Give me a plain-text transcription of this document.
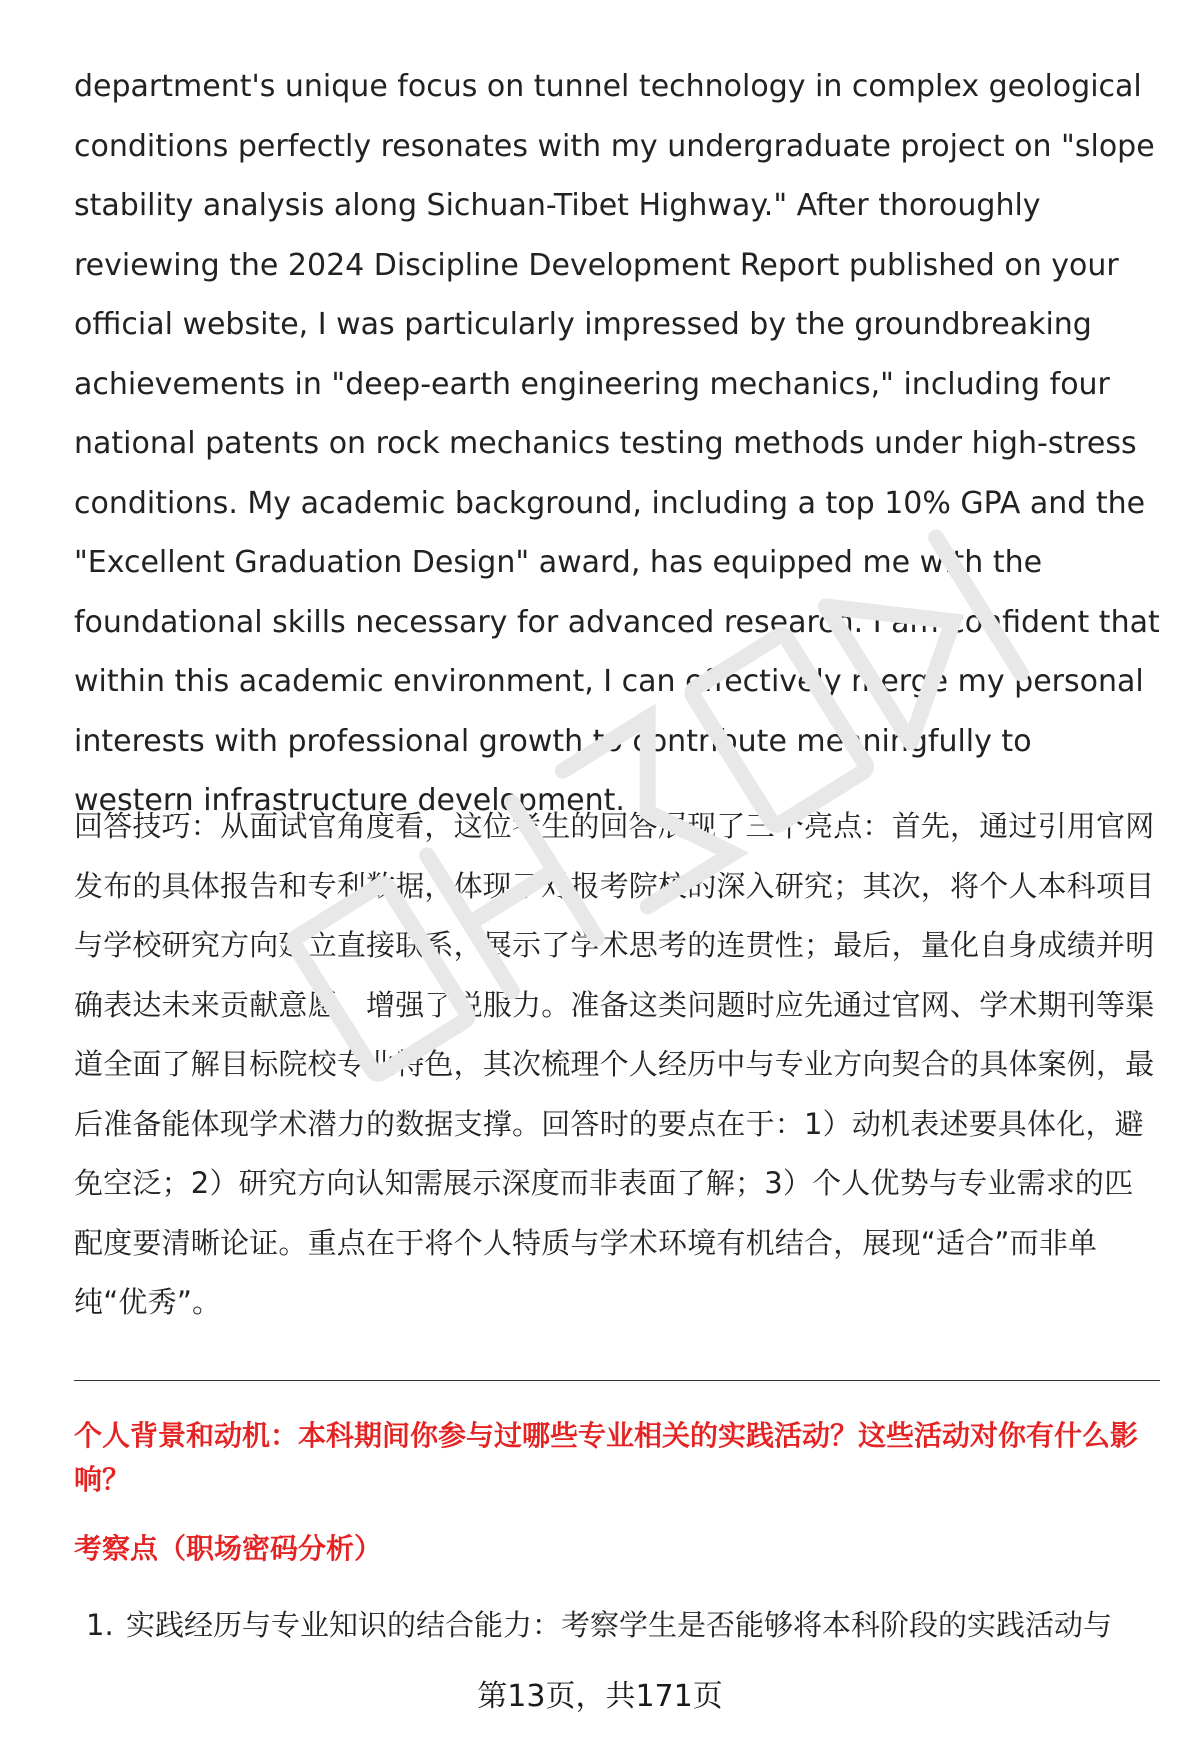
department's unique focus on tunnel technology in complex geological conditions perfectly resonates with my undergraduate project on "slope stability analysis along Sichuan-Tibet Highway." After thoroughly reviewing the 2024 Discipline Development Report published on your official website, I was particularly impressed by the groundbreaking achievements in "deep-earth engineering mechanics," including four national patents on rock mechanics testing methods under high-stress conditions. My academic background, including a top 10% GPA and the "Excellent Graduation Design" award, has equipped me with the foundational skills necessary for advanced research. I am confident that within this academic environment, I can effectively merge my personal interests with professional growth to contribute meaningfully to western infrastructure development.

回答技巧：从面试官角度看，这位考生的回答展现了三个亮点：首先，通过引用官网发布的具体报告和专利数据，体现了对报考院校的深入研究；其次，将个人本科项目与学校研究方向建立直接联系，展示了学术思考的连贯性；最后，量化自身成绩并明确表达未来贡献意愿，增强了说服力。准备这类问题时应先通过官网、学术期刊等渠道全面了解目标院校专业特色，其次梳理个人经历中与专业方向契合的具体案例，最后准备能体现学术潜力的数据支撑。回答时的要点在于：1）动机表述要具体化，避免空泛；2）研究方向认知需展示深度而非表面了解；3）个人优势与专业需求的匹配度要清晰论证。重点在于将个人特质与学术环境有机结合，展现“适合”而非单纯“优秀”。

个人背景和动机：本科期间你参与过哪些专业相关的实践活动？这些活动对你有什么影响？

考察点（职场密码分析）

1. 实践经历与专业知识的结合能力：考察学生是否能够将本科阶段的实践活动与
第13页，共171页
